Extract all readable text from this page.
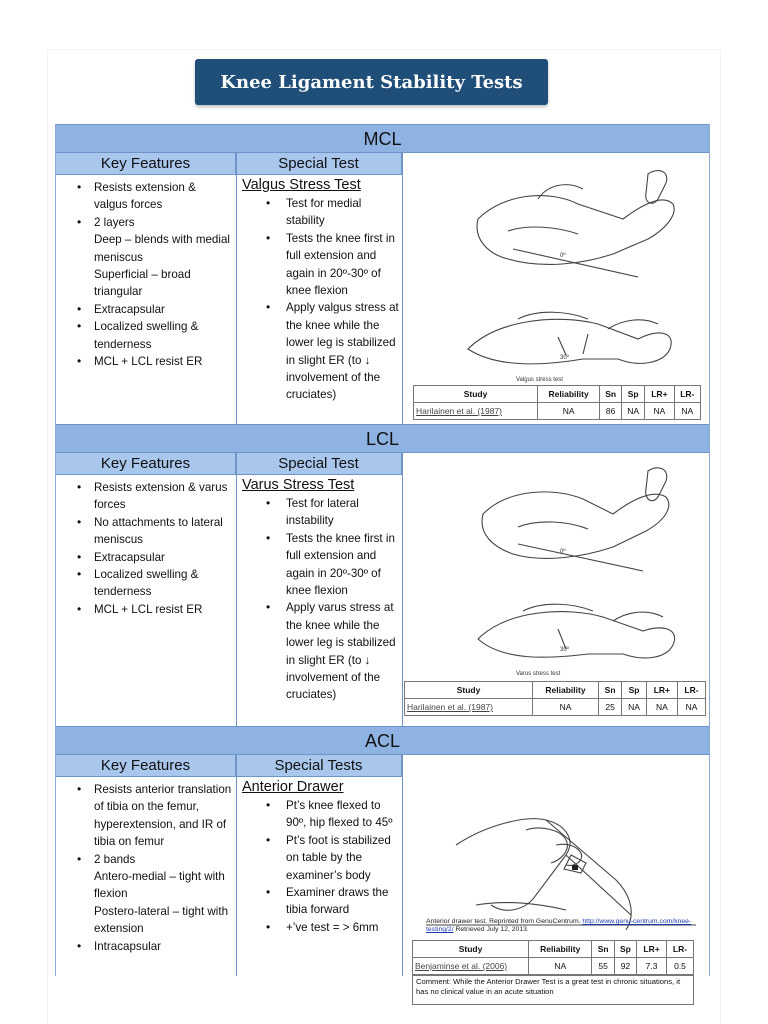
Knee Ligament Stability Tests
MCL
Key Features	Special Test
• Resists extension & valgus forces
• 2 layers
Deep – blends with medial meniscus
Superficial – broad triangular
• Extracapsular
• Localized swelling & tenderness
• MCL + LCL resist ER
Valgus Stress Test
• Test for medial stability
• Tests the knee first in full extension and again in 20º-30º of knee flexion
• Apply valgus stress at the knee while the lower leg is stabilized in slight ER (to ↓ involvement of the cruciates)
0º
30º
Valgus stress test
Study	Reliability	Sn	Sp	LR+	LR-
Harilainen et al. (1987)	NA	86	NA	NA	NA
LCL
Key Features	Special Test
• Resists extension & varus forces
• No attachments to lateral meniscus
• Extracapsular
• Localized swelling & tenderness
• MCL + LCL resist ER
Varus Stress Test
• Test for lateral instability
• Tests the knee first in full extension and again in 20º-30º of knee flexion
• Apply varus stress at the knee while the lower leg is stabilized in slight ER (to ↓ involvement of the cruciates)
0º
30º
Varus stress test
Study	Reliability	Sn	Sp	LR+	LR-
Harilainen et al. (1987)	NA	25	NA	NA	NA
ACL
Key Features	Special Tests
• Resists anterior translation of tibia on the femur, hyperextension, and IR of tibia on femur
• 2 bands
Antero-medial – tight with flexion
Postero-lateral – tight with extension
• Intracapsular
Anterior Drawer
• Pt’s knee flexed to 90º, hip flexed to 45º
• Pt’s foot is stabilized on table by the examiner’s body
• Examiner draws the tibia forward
• +’ve test = > 6mm	Anterior drawer test. Reprinted from GenuCentrum. http://www.genu-centrum.com/knee-testing/2/ Retrieved July 12, 2013.
Study	Reliability	Sn	Sp	LR+	LR-
Benjaminse et al. (2006)	NA	55	92	7.3	0.5
Comment: While the Anterior Drawer Test is a great test in chronic situations, it has no clinical value in an acute situation
